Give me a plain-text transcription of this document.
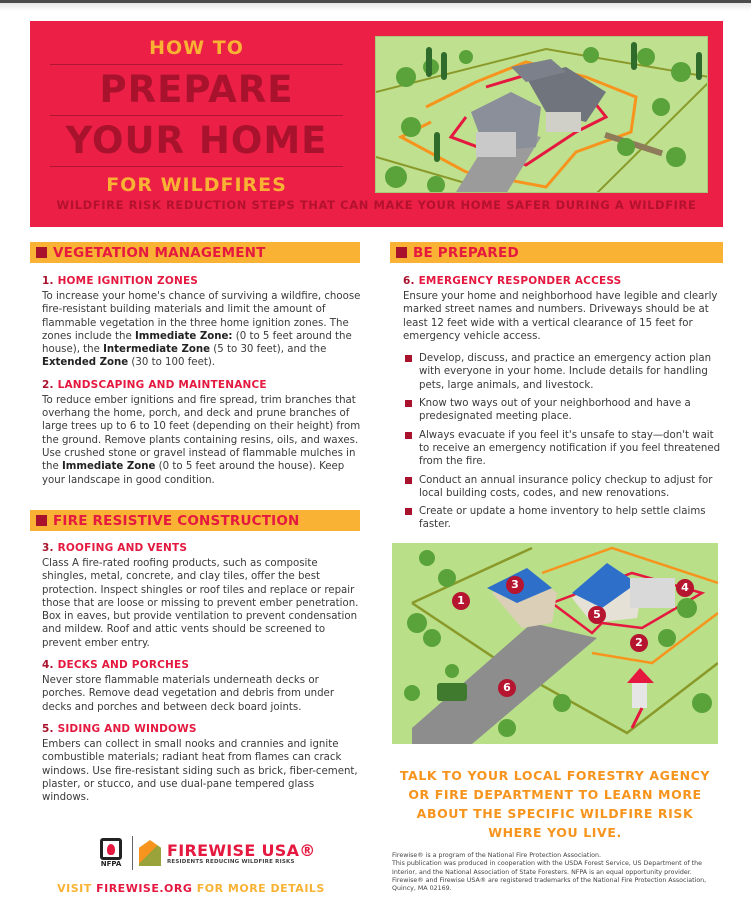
HOW TO
PREPARE
YOUR HOME
FOR WILDFIRES
WILDFIRE RISK REDUCTION STEPS THAT CAN MAKE YOUR HOME SAFER DURING A WILDFIRE
VEGETATION MANAGEMENT
1. HOME IGNITION ZONES
To increase your home's chance of surviving a wildfire, choose fire-resistant building materials and limit the amount of flammable vegetation in the three home ignition zones. The zones include the Immediate Zone: (0 to 5 feet around the house), the Intermediate Zone (5 to 30 feet), and the Extended Zone (30 to 100 feet).
2. LANDSCAPING AND MAINTENANCE
To reduce ember ignitions and fire spread, trim branches that overhang the home, porch, and deck and prune branches of large trees up to 6 to 10 feet (depending on their height) from the ground. Remove plants containing resins, oils, and waxes. Use crushed stone or gravel instead of flammable mulches in the Immediate Zone (0 to 5 feet around the house). Keep your landscape in good condition.
FIRE RESISTIVE CONSTRUCTION
3. ROOFING AND VENTS
Class A fire-rated roofing products, such as composite shingles, metal, concrete, and clay tiles, offer the best protection. Inspect shingles or roof tiles and replace or repair those that are loose or missing to prevent ember penetration. Box in eaves, but provide ventilation to prevent condensation and mildew. Roof and attic vents should be screened to prevent ember entry.
4. DECKS AND PORCHES
Never store flammable materials underneath decks or porches. Remove dead vegetation and debris from under decks and porches and between deck board joints.
5. SIDING AND WINDOWS
Embers can collect in small nooks and crannies and ignite combustible materials; radiant heat from flames can crack windows. Use fire-resistant siding such as brick, fiber-cement, plaster, or stucco, and use dual-pane tempered glass windows.
BE PREPARED
6. EMERGENCY RESPONDER ACCESS
Ensure your home and neighborhood have legible and clearly marked street names and numbers. Driveways should be at least 12 feet wide with a vertical clearance of 15 feet for emergency vehicle access.
Develop, discuss, and practice an emergency action plan with everyone in your home. Include details for handling pets, large animals, and livestock.
Know two ways out of your neighborhood and have a predesignated meeting place.
Always evacuate if you feel it's unsafe to stay—don't wait to receive an emergency notification if you feel threatened from the fire.
Conduct an annual insurance policy checkup to adjust for local building costs, codes, and new renovations.
Create or update a home inventory to help settle claims faster.
1
2
3	4
5
6
TALK TO YOUR LOCAL FORESTRY AGENCY
OR FIRE DEPARTMENT TO LEARN MORE
ABOUT THE SPECIFIC WILDFIRE RISK
WHERE YOU LIVE.
Firewise® is a program of the National Fire Protection Association.
This publication was produced in cooperation with the USDA Forest Service, US Department of the Interior, and the National Association of State Foresters. NFPA is an equal opportunity provider. Firewise® and Firewise USA® are registered trademarks of the National Fire Protection Association, Quincy, MA 02169.
NFPA
FIREWISE USA®
RESIDENTS REDUCING WILDFIRE RISKS
VISIT FIREWISE.ORG FOR MORE DETAILS
